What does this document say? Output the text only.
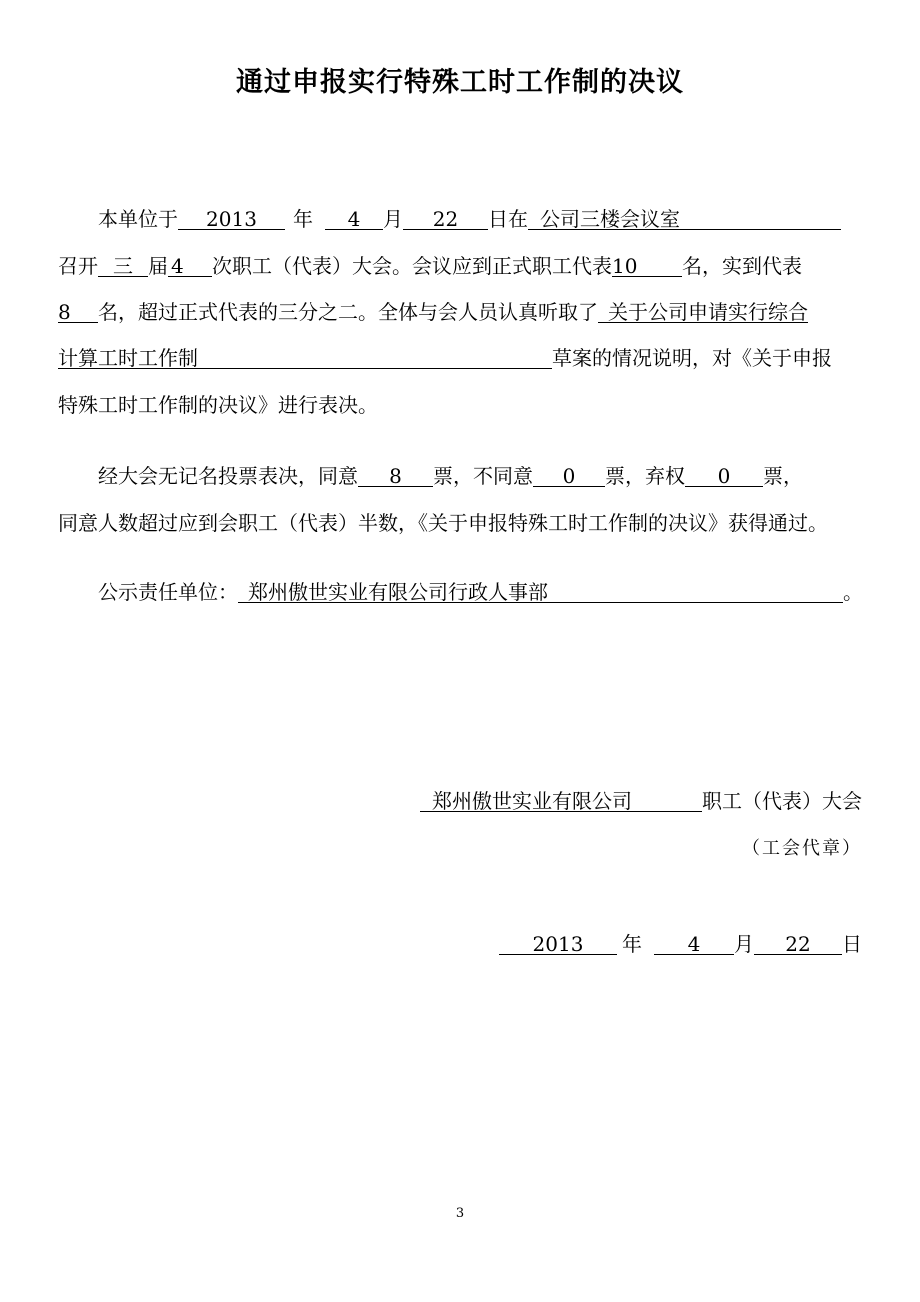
通过申报实行特殊工时工作制的决议
本单位于 2013 年 4 月 22 日在 公司三楼会议室
召开 三 届 4 次职工（代表）大会。会议应到正式职工代表10 名，实到代表
8 名，超过正式代表的三分之二。全体与会人员认真听取了 关于公司申请实行综合
计算工时工作制	草案的情况说明，对《关于申报
特殊工时工作制的决议》进行表决。
经大会无记名投票表决，同意 8 票，不同意 0 票，弃权 0 票，
同意人数超过应到会职工（代表）半数，《关于申报特殊工时工作制的决议》获得通过。
公示责任单位： 郑州傲世实业有限公司行政人事部	。
郑州傲世实业有限公司	职工（代表）大会
（工会代章）
2013 年 4 月 22 日
3
